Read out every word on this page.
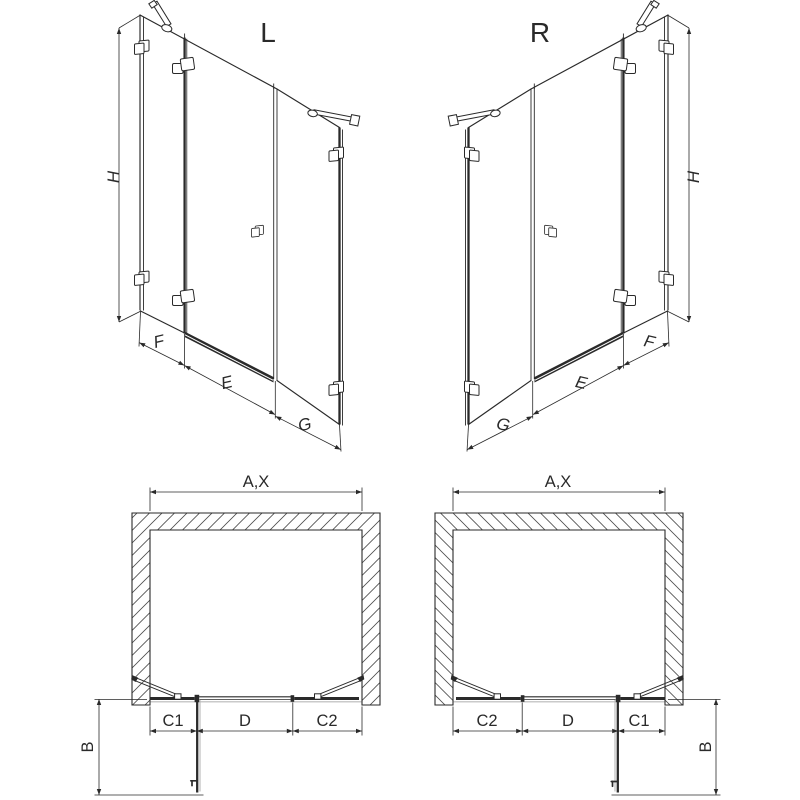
L
H
F
E
G
R
H
G
E
F
A,X
C1	D	C2
B
A,X
C2	D	C1
B
